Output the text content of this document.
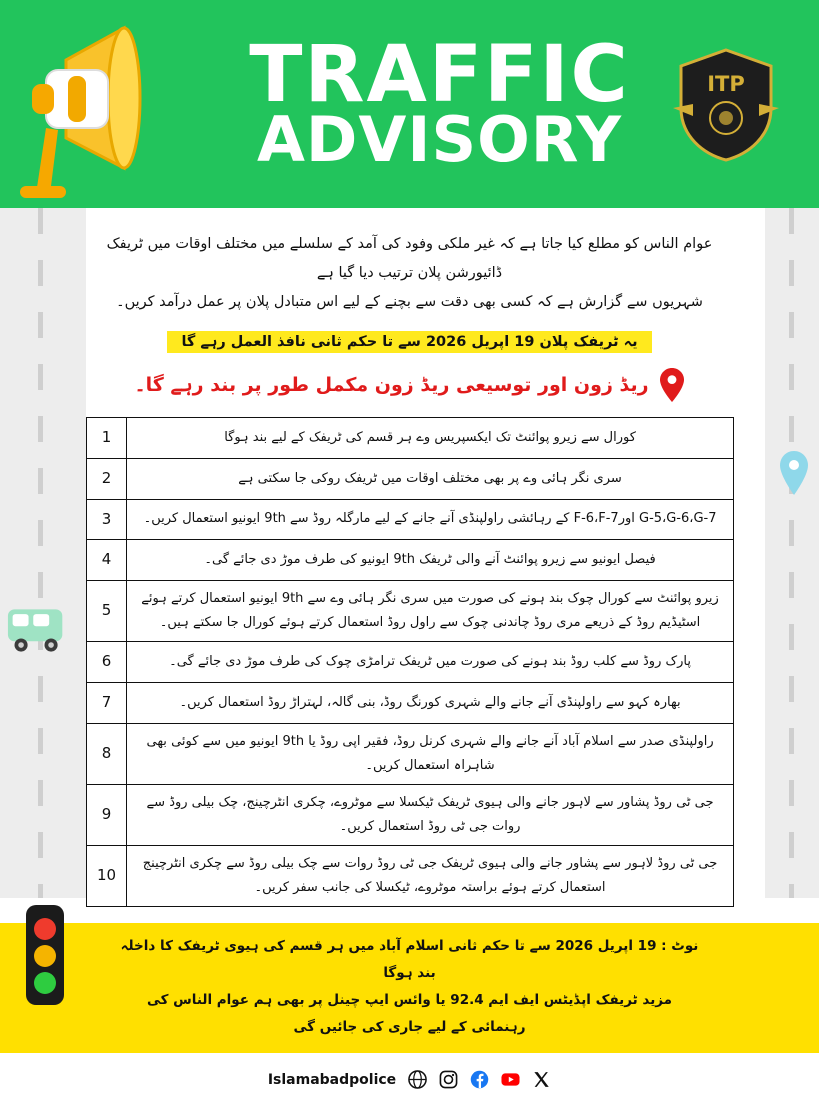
TRAFFIC
ADVISORY
ITP
عوام الناس کو مطلع کیا جاتا ہے کہ غیر ملکی وفود کی آمد کے سلسلے میں مختلف اوقات میں ٹریفک ڈائیورشن پلان ترتیب دیا گیا ہے
شہریوں سے گزارش ہے کہ کسی بھی دقت سے بچنے کے لیے اس متبادل پلان پر عمل درآمد کریں۔
یہ ٹریفک پلان 19 اپریل 2026 سے تا حکم ثانی نافذ العمل رہے گا
ریڈ زون اور توسیعی ریڈ زون مکمل طور پر بند رہے گا۔
کورال سے زیرو پوائنٹ تک ایکسپریس وے ہر قسم کی ٹریفک کے لیے بند ہوگا	1
سری نگر ہائی وے پر بھی مختلف اوقات میں ٹریفک روکی جا سکتی ہے	2
G-5،G-6،G-7 اورF-6،F-7 کے رہائشی راولپنڈی آنے جانے کے لیے مارگلہ روڈ سے 9th ایونیو استعمال کریں۔	3
فیصل ایونیو سے زیرو پوائنٹ آنے والی ٹریفک 9th ایونیو کی طرف موڑ دی جائے گی۔	4
زیرو پوائنٹ سے کورال چوک بند ہونے کی صورت میں سری نگر ہائی وے سے 9th ایونیو استعمال کرتے ہوئے اسٹیڈیم روڈ کے ذریعے مری روڈ چاندنی چوک سے راول روڈ استعمال کرتے ہوئے کورال جا سکتے ہیں۔	5
پارک روڈ سے کلب روڈ بند ہونے کی صورت میں ٹریفک ترامڑی چوک کی طرف موڑ دی جائے گی۔	6
بھارہ کہو سے راولپنڈی آنے جانے والے شہری کورنگ روڈ، بنی گالہ، لہتراڑ روڈ استعمال کریں۔	7
راولپنڈی صدر سے اسلام آباد آنے جانے والے شہری کرنل روڈ، فقیر اپی روڈ یا 9th ایونیو میں سے کوئی بھی شاہراہ استعمال کریں۔	8
جی ٹی روڈ پشاور سے لاہور جانے والی ہیوی ٹریفک ٹیکسلا سے موٹروے، چکری انٹرچینج، چک بیلی روڈ سے روات جی ٹی روڈ استعمال کریں۔	9
جی ٹی روڈ لاہور سے پشاور جانے والی ہیوی ٹریفک جی ٹی روڈ روات سے چک بیلی روڈ سے چکری انٹرچینج استعمال کرتے ہوئے براستہ موٹروے، ٹیکسلا کی جانب سفر کریں۔	10
نوٹ : 19 اپریل 2026 سے تا حکم ثانی اسلام آباد میں ہر قسم کی ہیوی ٹریفک کا داخلہ بند ہوگا
مزید ٹریفک اپڈیٹس ایف ایم 92.4 یا وائس ایپ چینل پر بھی ہم عوام الناس کی رہنمائی کے لیے جاری کی جائیں گی
Islamabadpolice
